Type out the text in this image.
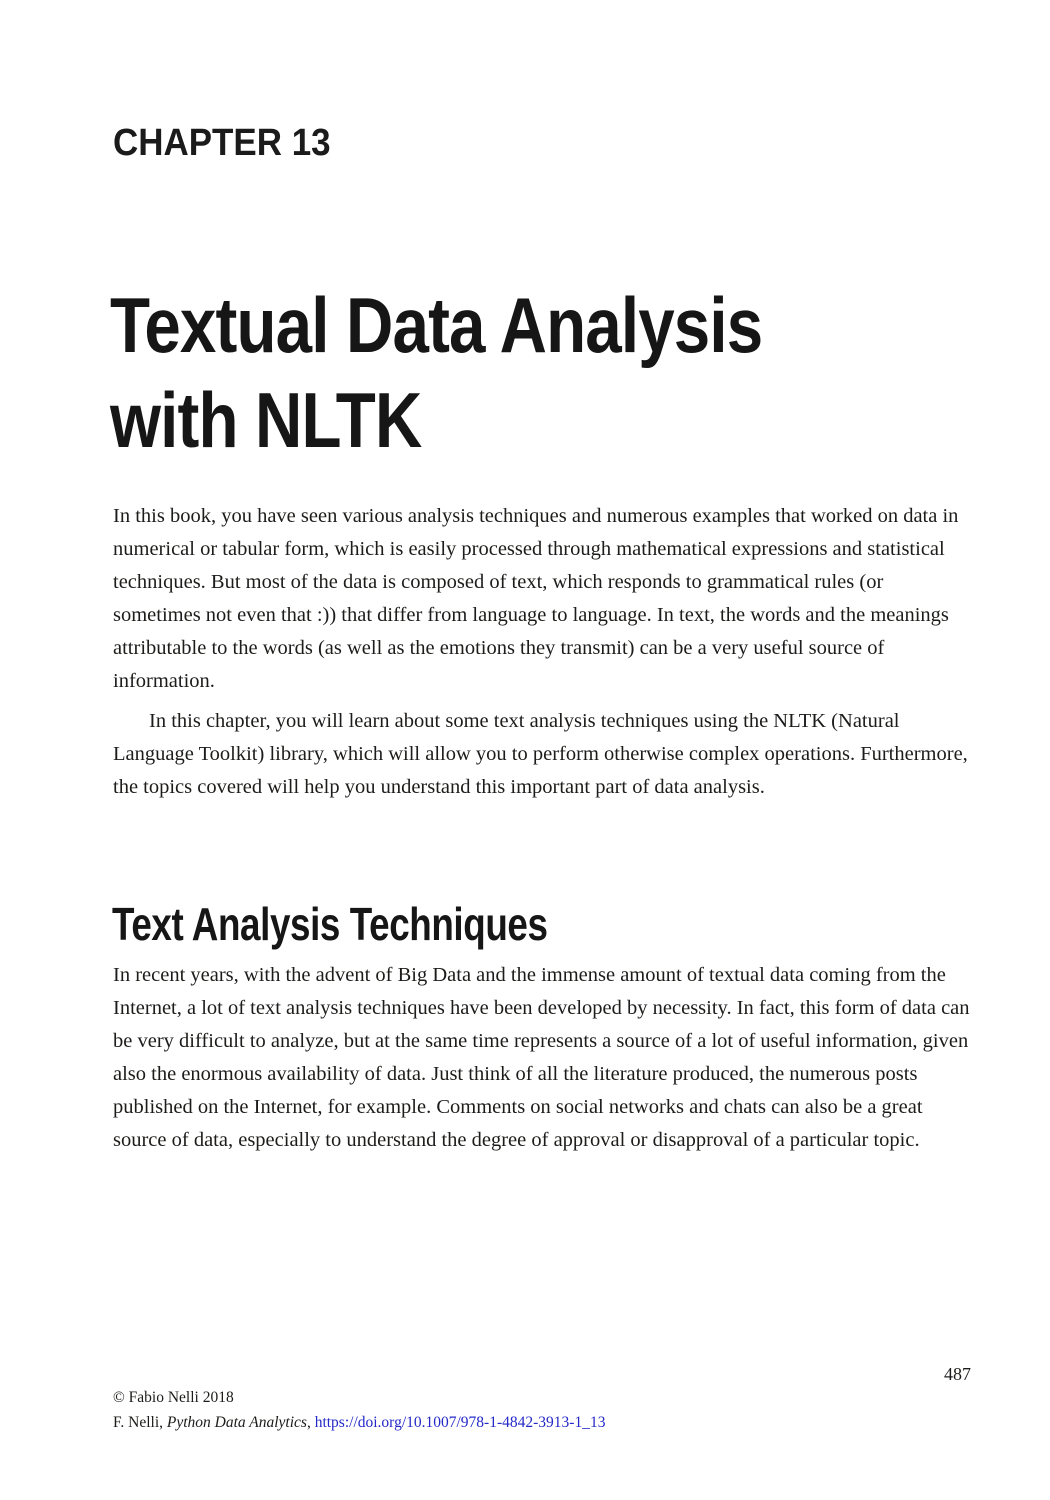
CHAPTER 13
Textual Data Analysis
with NLTK

In this book, you have seen various analysis techniques and numerous examples that worked on data in numerical or tabular form, which is easily processed through mathematical expressions and statistical techniques. But most of the data is composed of text, which responds to grammatical rules (or sometimes not even that :)) that differ from language to language. In text, the words and the meanings attributable to the words (as well as the emotions they transmit) can be a very useful source of information.

In this chapter, you will learn about some text analysis techniques using the NLTK (Natural Language Toolkit) library, which will allow you to perform otherwise complex operations. Furthermore, the topics covered will help you understand this important part of data analysis.

Text Analysis Techniques

In recent years, with the advent of Big Data and the immense amount of textual data coming from the Internet, a lot of text analysis techniques have been developed by necessity. In fact, this form of data can be very difficult to analyze, but at the same time represents a source of a lot of useful information, given also the enormous availability of data. Just think of all the literature produced, the numerous posts published on the Internet, for example. Comments on social networks and chats can also be a great source of data, especially to understand the degree of approval or disapproval of a particular topic.

487
© Fabio Nelli 2018
F. Nelli, Python Data Analytics, https://doi.org/10.1007/978-1-4842-3913-1_13
